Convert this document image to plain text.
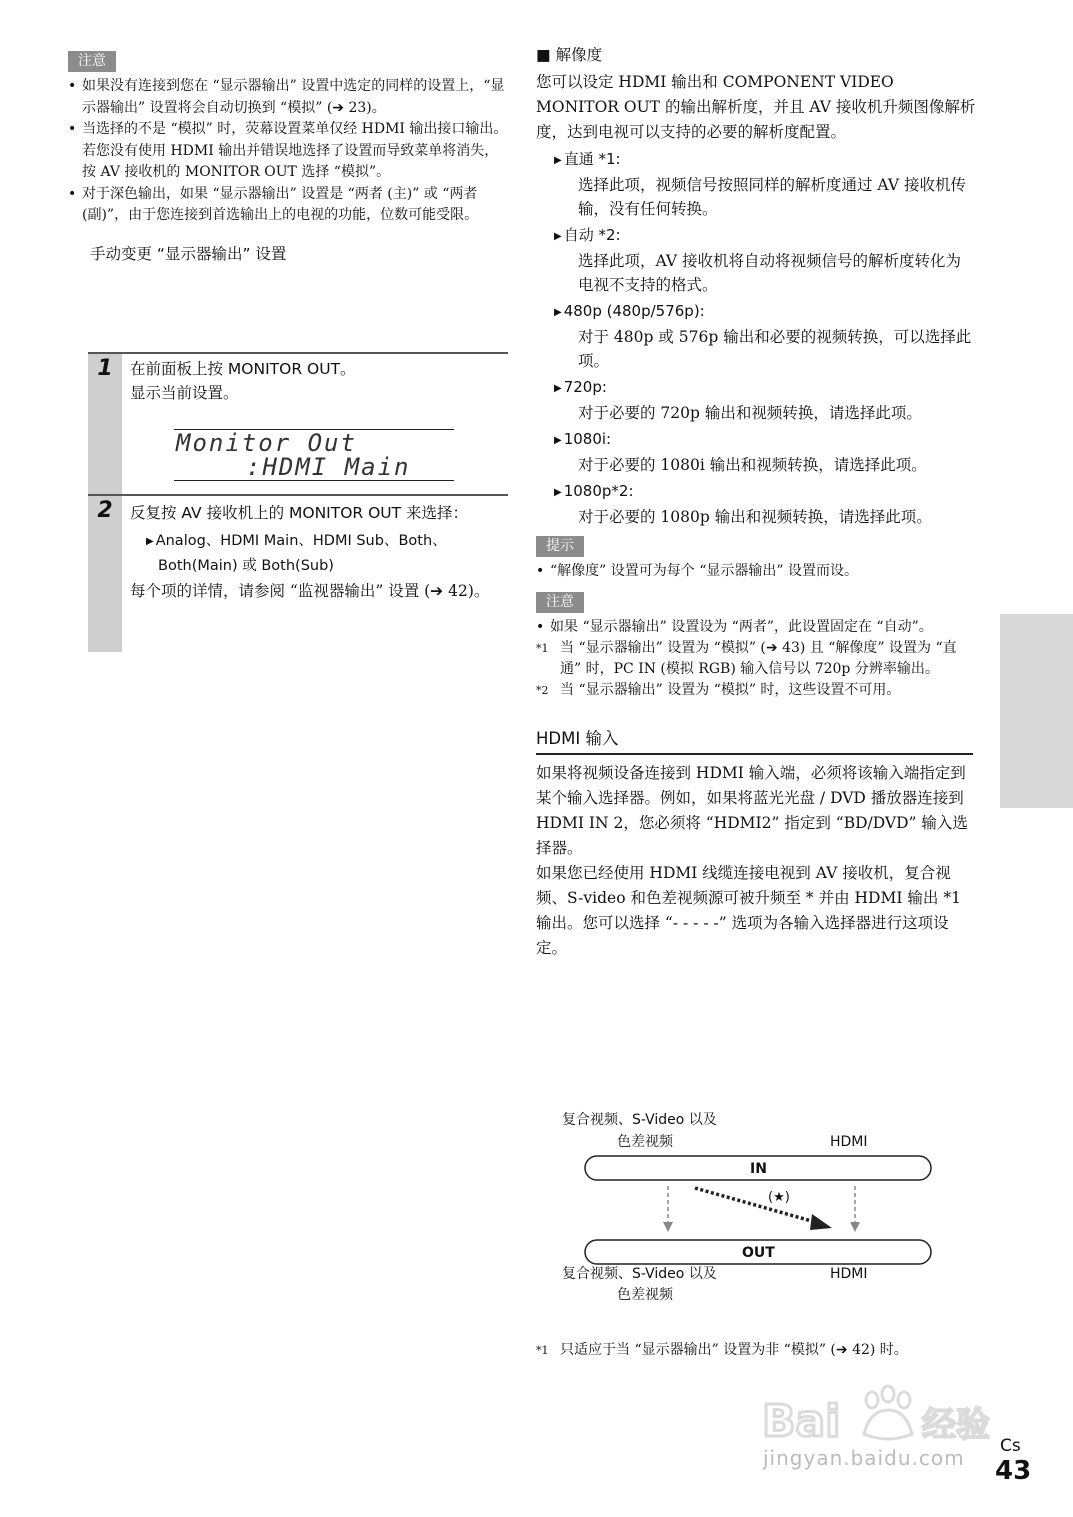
注意
• 如果没有连接到您在 “显示器输出” 设置中选定的同样的设置上，“显示器输出” 设置将会自动切换到 “模拟” (➔ 23)。
• 当选择的不是 “模拟” 时，荧幕设置菜单仅经 HDMI 输出接口输出。若您没有使用 HDMI 输出并错误地选择了设置而导致菜单将消失，按 AV 接收机的 MONITOR OUT 选择 “模拟”。
• 对于深色输出，如果 “显示器输出” 设置是 “两者 (主)” 或 “两者 (副)”，由于您连接到首选输出上的电视的功能，位数可能受限。
手动变更 “显示器输出” 设置
1	在前面板上按 MONITOR OUT。
显示当前设置。
Monitor Out
:HDMI Main
2	反复按 AV 接收机上的 MONITOR OUT 来选择：
▶ Analog、HDMI Main、HDMI Sub、Both、
Both(Main) 或 Both(Sub)
每个项的详情，请参阅 “监视器输出” 设置 (➔ 42)。
■ 解像度
您可以设定 HDMI 输出和 COMPONENT VIDEO MONITOR OUT 的输出解析度，并且 AV 接收机升频图像解析度，达到电视可以支持的必要的解析度配置。
▶ 直通 *1:
选择此项，视频信号按照同样的解析度通过 AV 接收机传输，没有任何转换。
▶ 自动 *2:
选择此项，AV 接收机将自动将视频信号的解析度转化为电视不支持的格式。
▶ 480p (480p/576p):
对于 480p 或 576p 输出和必要的视频转换，可以选择此项。
▶ 720p:
对于必要的 720p 输出和视频转换，请选择此项。
▶ 1080i:
对于必要的 1080i 输出和视频转换，请选择此项。
▶ 1080p*2:
对于必要的 1080p 输出和视频转换，请选择此项。
提示
• “解像度” 设置可为每个 “显示器输出” 设置而设。
注意
• 如果 “显示器输出” 设置设为 “两者”，此设置固定在 “自动”。
*1 当 “显示器输出” 设置为 “模拟” (➔ 43) 且 “解像度” 设置为 “直通” 时，PC IN (模拟 RGB) 输入信号以 720p 分辨率输出。
*2 当 “显示器输出” 设置为 “模拟” 时，这些设置不可用。
HDMI 输入
如果将视频设备连接到 HDMI 输入端，必须将该输入端指定到某个输入选择器。例如，如果将蓝光光盘 / DVD 播放器连接到 HDMI IN 2，您必须将 “HDMI2” 指定到 “BD/DVD” 输入选择器。
如果您已经使用 HDMI 线缆连接电视到 AV 接收机，复合视频、S-video 和色差视频源可被升频至 * 并由 HDMI 输出 *1 输出。您可以选择 “- - - - -” 选项为各输入选择器进行这项设定。
复合视频、S-Video 以及
色差视频	HDMI
IN
(★)
OUT
复合视频、S-Video 以及	HDMI
色差视频
*1 只适应于当 “显示器输出” 设置为非 “模拟” (➔ 42) 时。
Bai 经验
jingyan.baidu.com Cs
43
